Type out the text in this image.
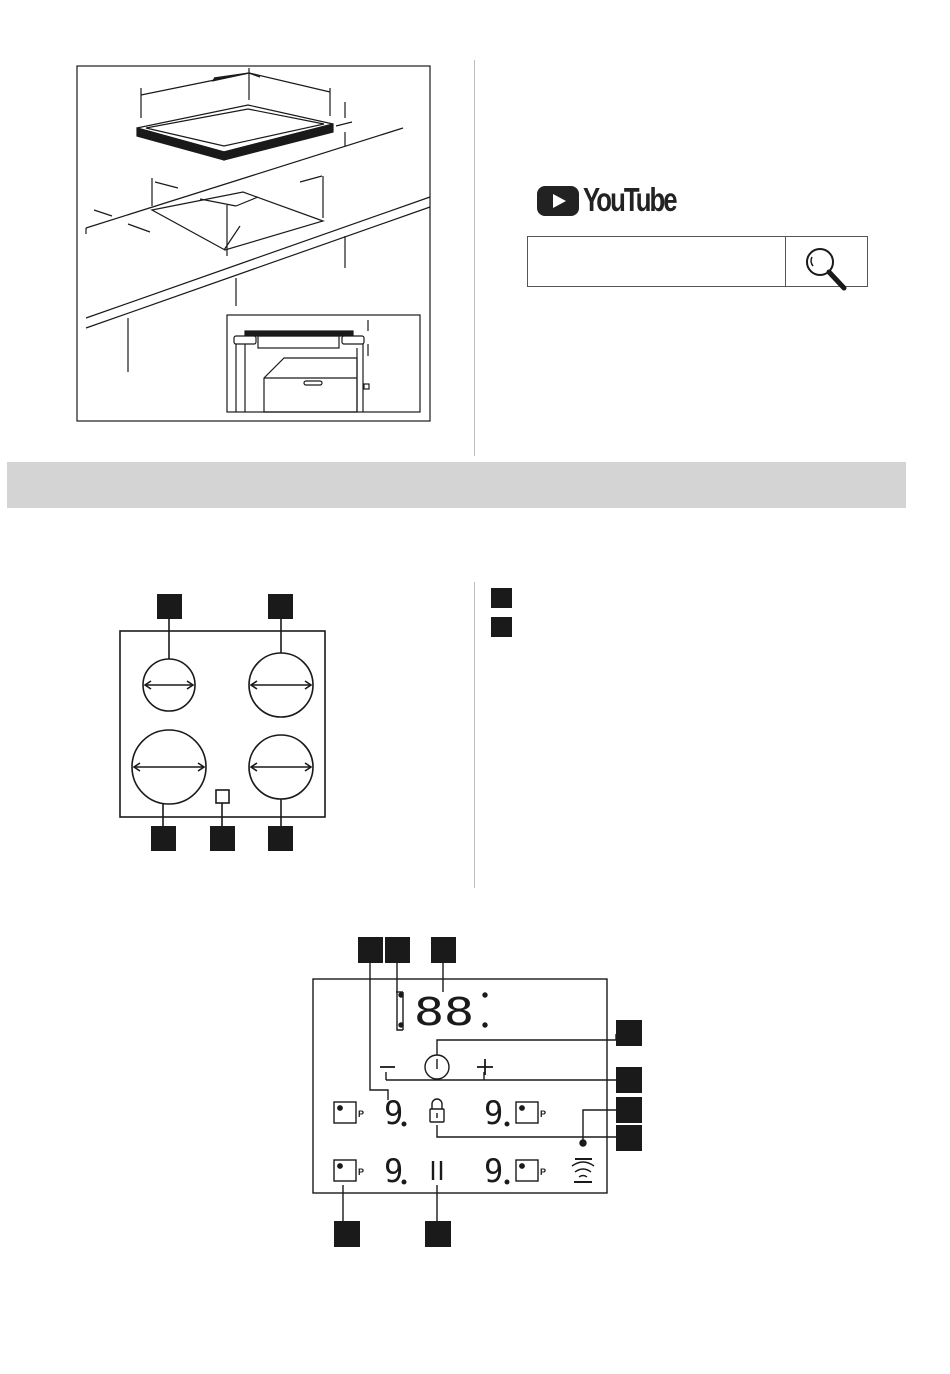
YouTube
88
9	9
9	9
P	P
P	P
